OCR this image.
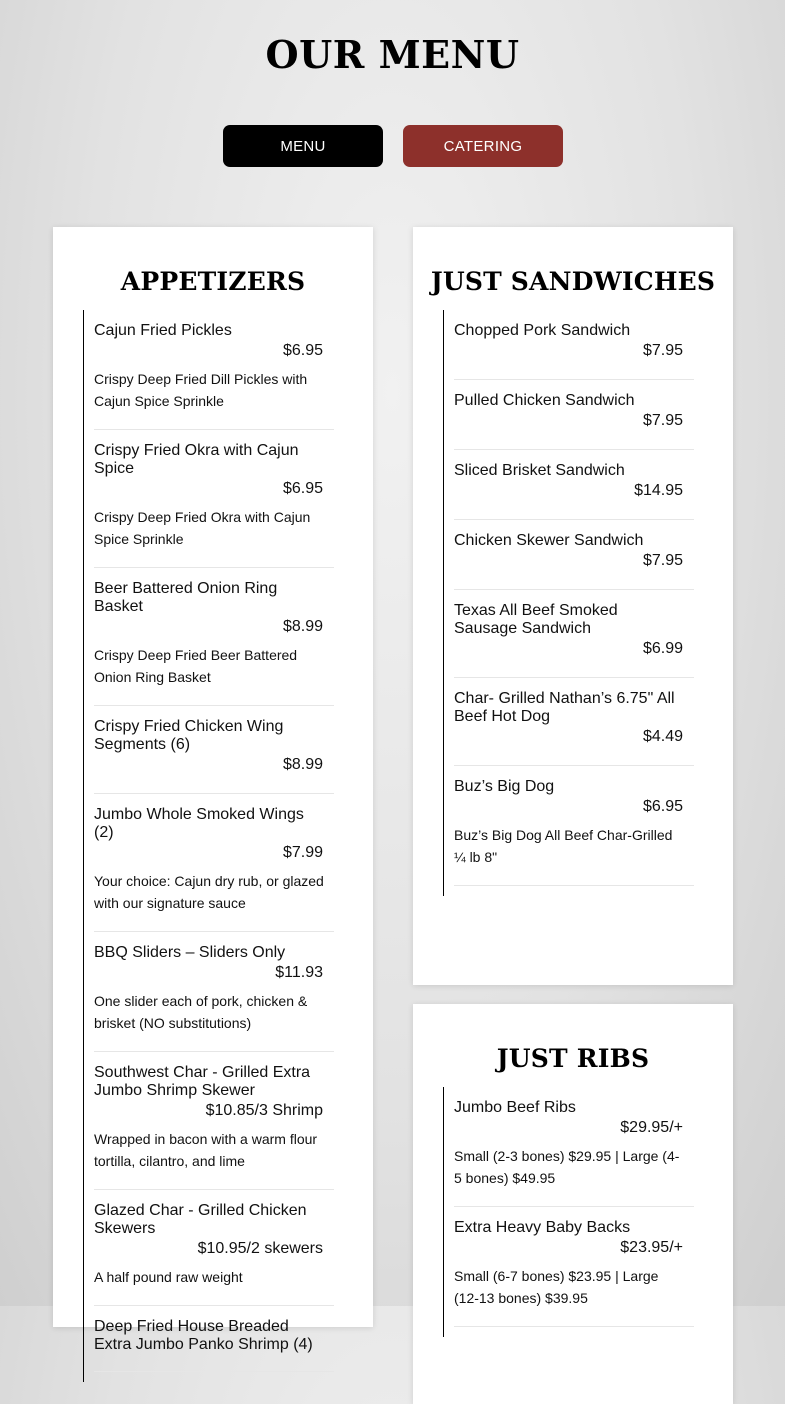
OUR MENU
MENU	CATERING
APPETIZERS
Cajun Fried Pickles
$6.95
Crispy Deep Fried Dill Pickles with Cajun Spice Sprinkle
Crispy Fried Okra with Cajun Spice
$6.95
Crispy Deep Fried Okra with Cajun Spice Sprinkle
Beer Battered Onion Ring Basket
$8.99
Crispy Deep Fried Beer Battered Onion Ring Basket
Crispy Fried Chicken Wing Segments (6)
$8.99
Jumbo Whole Smoked Wings (2)
$7.99
Your choice: Cajun dry rub, or glazed with our signature sauce
BBQ Sliders – Sliders Only
$11.93
One slider each of pork, chicken & brisket (NO substitutions)
Southwest Char - Grilled Extra Jumbo Shrimp Skewer
$10.85/3 Shrimp
Wrapped in bacon with a warm flour tortilla, cilantro, and lime
Glazed Char - Grilled Chicken Skewers
$10.95/2 skewers
A half pound raw weight
Deep Fried House Breaded Extra Jumbo Panko Shrimp (4)
JUST SANDWICHES
Chopped Pork Sandwich
$7.95
Pulled Chicken Sandwich
$7.95
Sliced Brisket Sandwich
$14.95
Chicken Skewer Sandwich
$7.95
Texas All Beef Smoked Sausage Sandwich
$6.99
Char- Grilled Nathan’s 6.75" All Beef Hot Dog
$4.49
Buz’s Big Dog
$6.95
Buz’s Big Dog All Beef Char-Grilled ¼ lb 8"
JUST RIBS
Jumbo Beef Ribs
$29.95/+
Small (2-3 bones) $29.95 | Large (4-5 bones) $49.95
Extra Heavy Baby Backs
$23.95/+
Small (6-7 bones) $23.95 | Large (12-13 bones) $39.95
